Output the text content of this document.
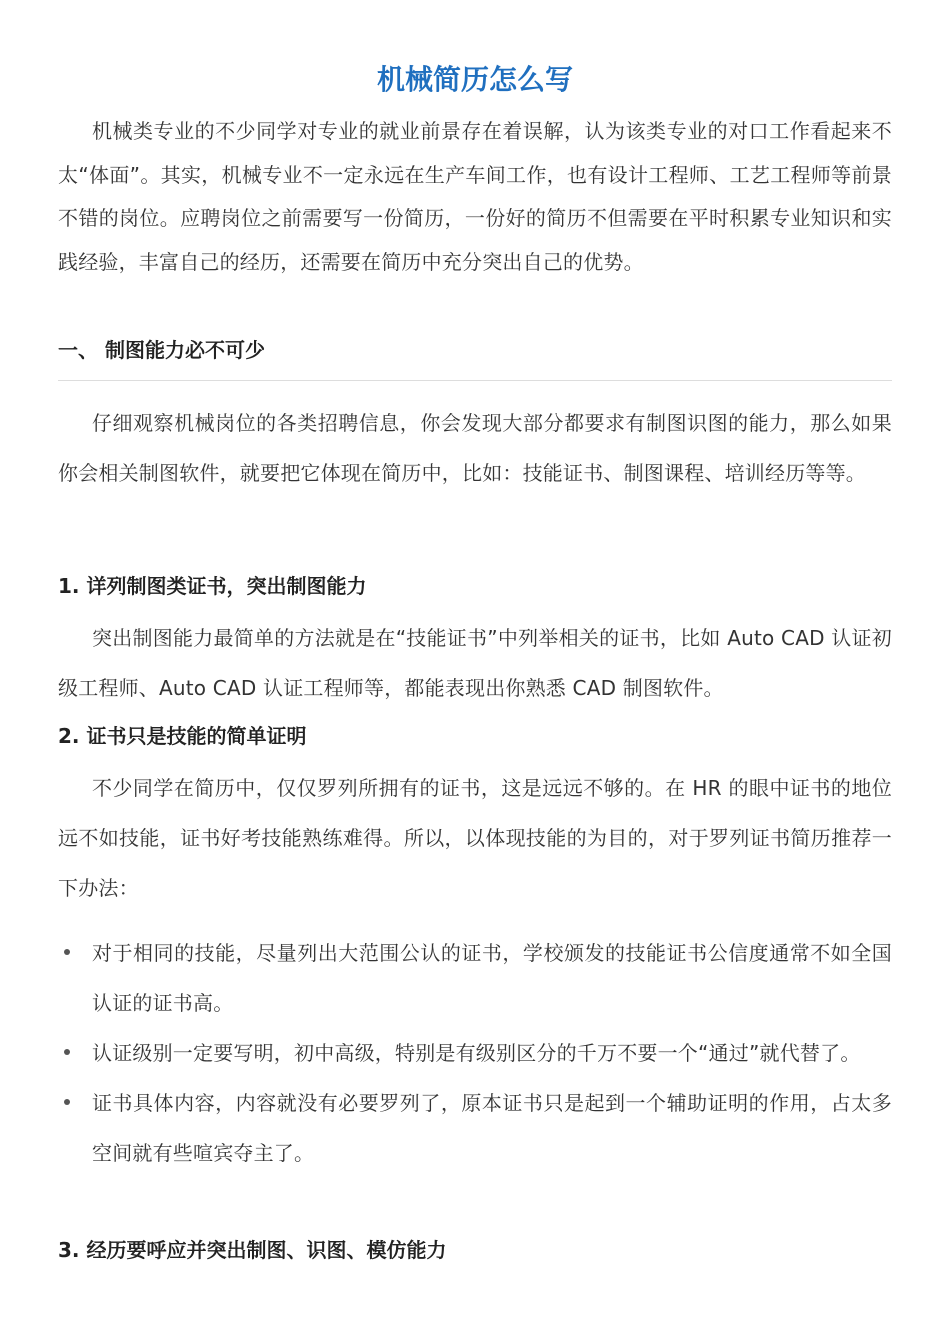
机械简历怎么写

机械类专业的不少同学对专业的就业前景存在着误解，认为该类专业的对口工作看起来不太“体面”。其实，机械专业不一定永远在生产车间工作，也有设计工程师、工艺工程师等前景不错的岗位。应聘岗位之前需要写一份简历，一份好的简历不但需要在平时积累专业知识和实践经验，丰富自己的经历，还需要在简历中充分突出自己的优势。

一、 制图能力必不可少

仔细观察机械岗位的各类招聘信息，你会发现大部分都要求有制图识图的能力，那么如果你会相关制图软件，就要把它体现在简历中，比如：技能证书、制图课程、培训经历等等。

1. 详列制图类证书，突出制图能力

突出制图能力最简单的方法就是在“技能证书”中列举相关的证书，比如 Auto CAD 认证初级工程师、Auto CAD 认证工程师等，都能表现出你熟悉 CAD 制图软件。

2. 证书只是技能的简单证明

不少同学在简历中，仅仅罗列所拥有的证书，这是远远不够的。在 HR 的眼中证书的地位远不如技能，证书好考技能熟练难得。所以，以体现技能的为目的，对于罗列证书简历推荐一下办法：

对于相同的技能，尽量列出大范围公认的证书，学校颁发的技能证书公信度通常不如全国认证的证书高。
认证级别一定要写明，初中高级，特别是有级别区分的千万不要一个“通过”就代替了。
证书具体内容，内容就没有必要罗列了，原本证书只是起到一个辅助证明的作用，占太多空间就有些喧宾夺主了。
3. 经历要呼应并突出制图、识图、模仿能力
